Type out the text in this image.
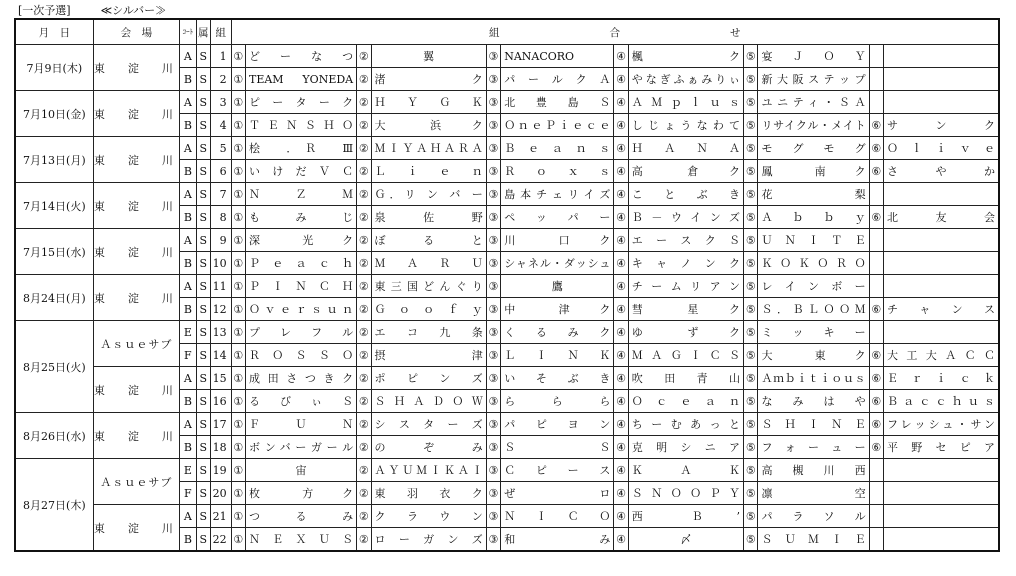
[一次予選]	≪シルバー≫
月　日	会　場	ｺｰﾄ	属	組	組合せ											
7月9日(木)	東　淀　川	A	S	1	①	ど　ー　な　つ	②	翼	③	NANACORO	④	楓　　　　　　　ク	⑤	宴　Ｊ　Ｏ　Ｙ		
		B	S	2	①	TEAM YONEDA	②	渚　　　　　　　ク	③	パ　ー　ル　ク　Ａ	④	やなぎふぁみりぃ	⑤	新大阪ステップ		
7月10日(金)	東　淀　川	A	S	3	①	ピ　ー　タ　ー　ク	②	Ｈ　Ｙ　Ｇ　Ｋ	③	北　豊　島　Ｓ	④	ＡＭｐｌｕｓ	⑤	ユニティ・ＳＡ		
		B	S	4	①	ＴＥＮＳＨＯ	②	大　　　浜　　ク	③	ＯｎｅＰｉｅｃｅ	④	しじょうなわて	⑤	リサイクル・メイト	⑥	サ　　　ン　　　ク
7月13日(月)	東　淀　川	A	S	5	①	桧　．Ｒ　Ⅲ	②	ＭＩＹＡＨＡＲＡ	③	Ｂ　ｅ　ａ　ｎ　ｓ	④	Ｈ　Ａ　Ｎ　Ａ	⑤	モ　グ　モ　グ	⑥	Ｏ　ｌ　ｉ　ｖ　ｅ
		B	S	6	①	い　け　だ　Ｖ　Ｃ	②	Ｌ　ｉ　ｅ　ｎ	③	Ｒ　ｏ　ｘ　ｓ	④	高　　　倉　　ク	⑤	鳳　　　南　　ク	⑥	さ　　　や　　　か
7月14日(火)	東　淀　川	A	S	7	①	Ｎ　Ｚ　Ｍ	②	Ｇ．リ ン バ ー	③	島本チェリイズ	④	こ　と　ぶ　き	⑤	花　　　　　梨		
		B	S	8	①	も　　み　　じ	②	泉　　佐　　野	③	ペ　ッ　パ　ー	④	Ｂ－ウインズ	⑤	Ａ　ｂ　ｂ　ｙ	⑥	北　　　友　　　会
7月15日(水)	東　淀　川	A	S	9	①	深　　　光　　ク	②	ぼ　　る　　と	③	川　　　口　　ク	④	エ ー ス ク Ｓ	⑤	ＵＮＩＴＥ		
		B	S	10	①	Ｐ　ｅ　ａ　ｃ　ｈ	②	Ｍ　Ａ　Ｒ　Ｕ	③	シャネル・ダッシュ	④	キ　ャ　ノ　ン　ク	⑤	ＫＯＫＯＲＯ		
8月24日(月)	東　淀　川	A	S	11	①	Ｐ　Ｉ　Ｎ　Ｃ　Ｈ	②	東三国どんぐり	③	鷹	④	チ ー ム リ ア ン	⑤	レ　イ　ン　ボ　ー		
		B	S	12	①	Ｏｖｅｒｓｕｎ	②	Ｇ　ｏ　ｏ　ｆ　ｙ	③	中　　　津　　ク	④	彗　　　星　　ク	⑤	Ｓ．ＢＬＯＯＭ	⑥	チ　ャ　ン　ス
8月25日(火)	Ａｓｕｅサブ	E	S	13	①	プ　レ　フ　ル	②	エ　コ　九　条	③	く　る　み　ク	④	ゆ　　　ず　　ク	⑤	ミ　ッ　キ　ー		
		F	S	14	①	Ｒ　Ｏ　Ｓ　Ｓ　Ｏ	②	摂　　　　　津	③	Ｌ　Ｉ　Ｎ　Ｋ	④	ＭＡＧＩＣＳ	⑤	大　　　東　　ク	⑥	大 工 大 Ａ Ｃ Ｃ
	東　淀　川	A	S	15	①	成田さつきク	②	ポ　ピ　ン　ズ	③	い　そ　ぶ　き	④	吹　田　青　山	⑤	Ａｍｂｉｔｉｏｕｓ	⑥	Ｅ　ｒ　ｉ　ｃ　ｋ
		B	S	16	①	る　び　ぃ　Ｓ	②	ＳＨＡＤＯＷ	③	ら　　ら　　ら	④	Ｏ　ｃ　ｅ　ａ　ｎ	⑤	な　み　は　や	⑥	Ｂａｃｃｈｕｓ
8月26日(水)	東　淀　川	A	S	17	①	Ｆ　　Ｕ　　Ｎ	②	シ　ス　タ　ー　ズ	③	パ　ピ　ヨ　ン	④	ち ー む あ っ と	⑤	Ｓ Ｈ Ｉ Ｎ Ｅ	⑥	フレッシュ・サン
		B	S	18	①	ボンバーガール	②	の　　ぞ　　み	③	Ｓ　　　　　Ｓ	④	克　明　シ　ニ　ア	⑤	フ　ォ　ー　ュ　ー	⑥	平　野　セ　ピ　ア
8月27日(木)	Ａｓｕｅサブ	E	S	19	①	宙	②	ＡＹＵＭＩＫＡＩ	③	Ｃ　ピ　ー　ス	④	Ｋ　　Ａ　　Ｋ	⑤	高　槻　川　西		
		F	S	20	①	枚　　　方　　ク	②	東　羽　衣　ク	③	ぜ　　　　　ロ	④	ＳＮＯＯＰＹ	⑤	凛　　　　　空		
	東　淀　川	A	S	21	①	つ　　る　　み	②	ク　ラ　ウ　ン	③	Ｎ　Ｉ　Ｃ　Ｏ	④	西　　　Ｂ　　’	⑤	パ　ラ　ソ　ル		
		B	S	22	①	Ｎ　Ｅ　Ｘ　Ｕ　Ｓ	②	ロ ー ガ ン ズ	③	和　　　　　み	④	〆	⑤	Ｓ　Ｕ　Ｍ　Ｉ　Ｅ		
